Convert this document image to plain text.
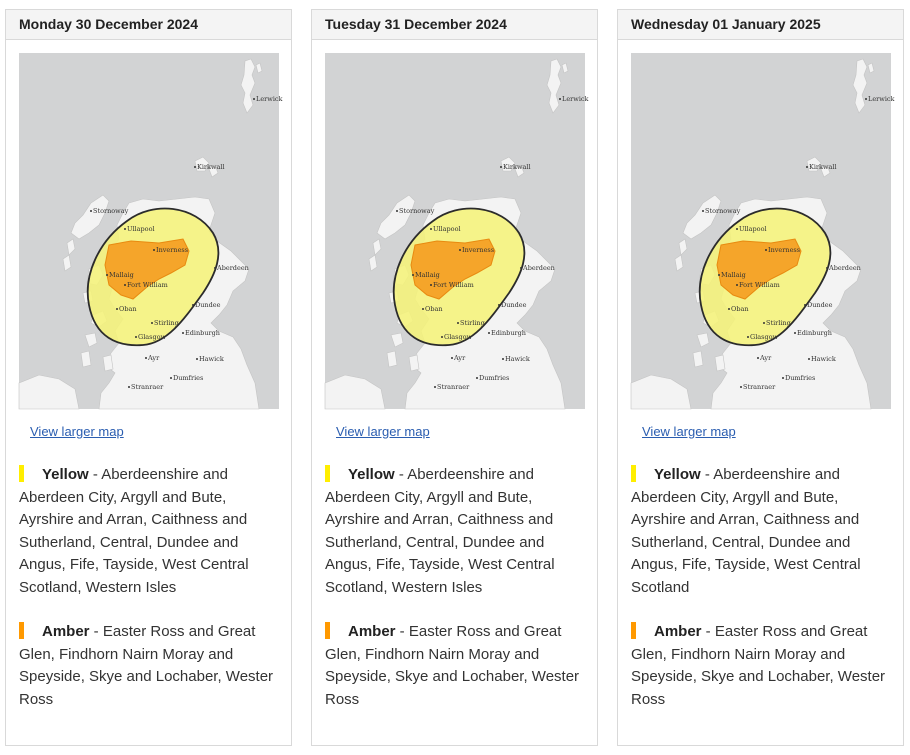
Monday 30 December 2024
Lerwick
Kirkwall
Stornoway
Ullapool
Inverness
Aberdeen
Mallaig
Fort William
Oban	Dundee
Stirling
Edinburgh
Glasgow
Ayr	Hawick
Stranraer
Dumfries
View larger map
Yellow - Aberdeenshire and Aberdeen City, Argyll and Bute, Ayrshire and Arran, Caithness and Sutherland, Central, Dundee and Angus, Fife, Tayside, West Central Scotland, Western Isles
Amber - Easter Ross and Great Glen, Findhorn Nairn Moray and Speyside, Skye and Lochaber, Wester Ross
Tuesday 31 December 2024
Lerwick
Kirkwall
Stornoway
Ullapool
Inverness
Aberdeen
Mallaig
Fort William
Oban	Dundee
Stirling
Edinburgh
Glasgow
Ayr	Hawick
Stranraer
Dumfries
View larger map
Yellow - Aberdeenshire and Aberdeen City, Argyll and Bute, Ayrshire and Arran, Caithness and Sutherland, Central, Dundee and Angus, Fife, Tayside, West Central Scotland, Western Isles
Amber - Easter Ross and Great Glen, Findhorn Nairn Moray and Speyside, Skye and Lochaber, Wester Ross
Wednesday 01 January 2025
Lerwick
Kirkwall
Stornoway
Ullapool
Inverness
Aberdeen
Mallaig
Fort William
Oban	Dundee
Stirling
Edinburgh
Glasgow
Ayr	Hawick
Stranraer
Dumfries
View larger map
Yellow - Aberdeenshire and Aberdeen City, Argyll and Bute, Ayrshire and Arran, Caithness and Sutherland, Central, Dundee and Angus, Fife, Tayside, West Central Scotland
Amber - Easter Ross and Great Glen, Findhorn Nairn Moray and Speyside, Skye and Lochaber, Wester Ross
